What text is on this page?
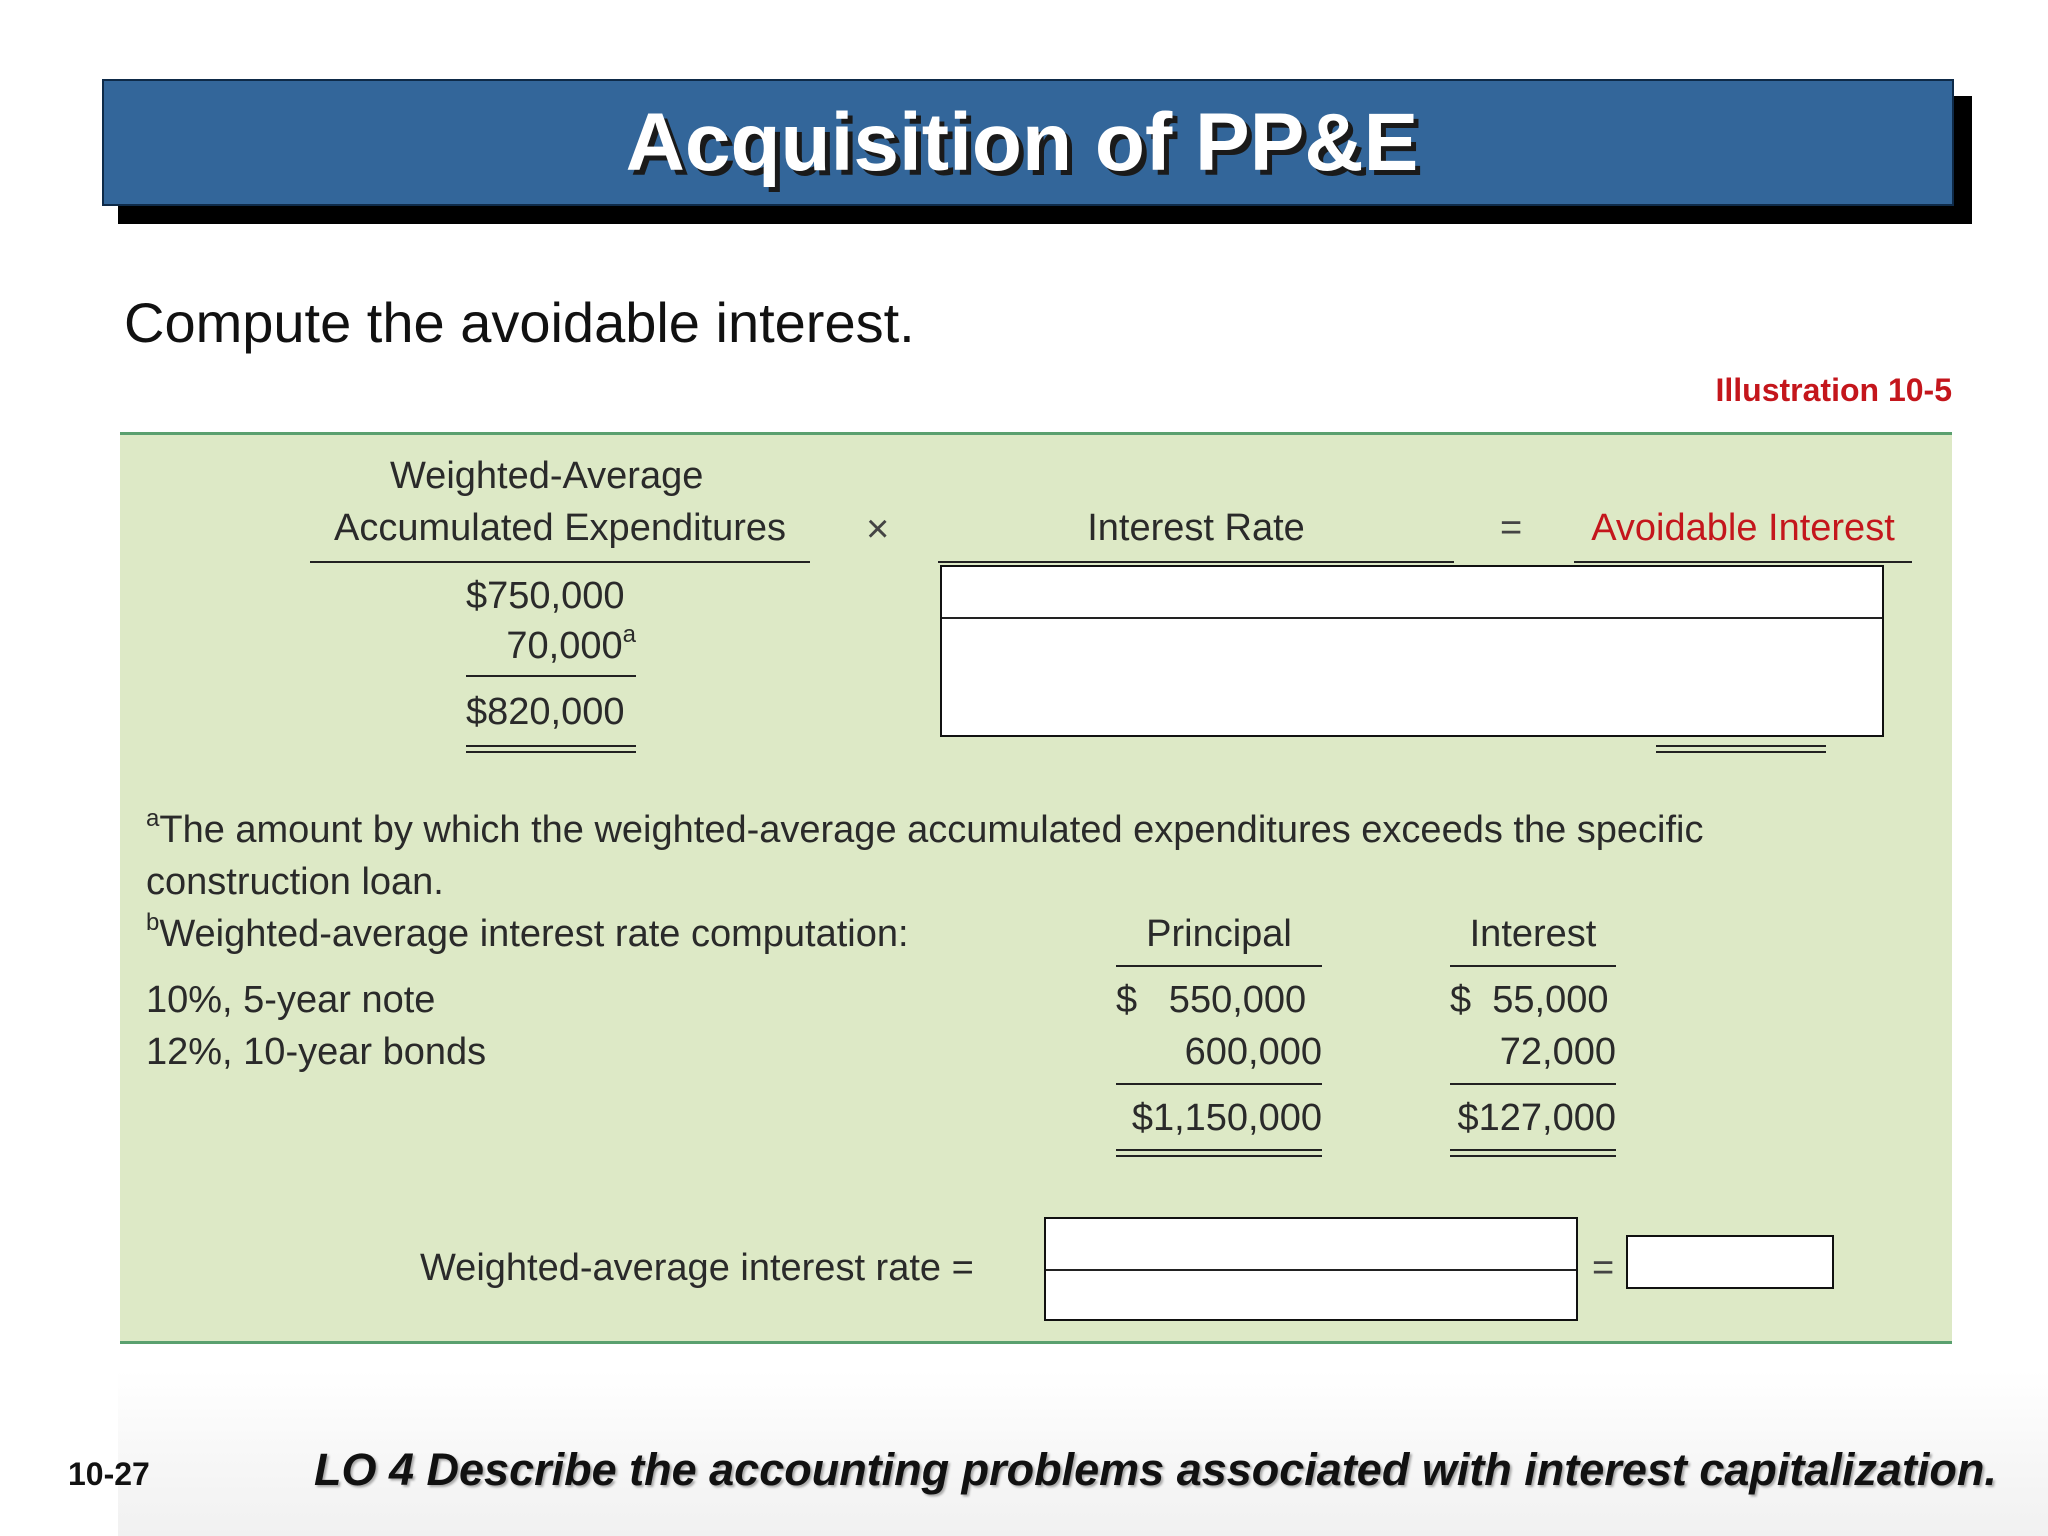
Acquisition of PP&E
Compute the avoidable interest.
Illustration 10-5
Weighted-Average
Accumulated Expenditures	×	Interest Rate	=	Avoidable Interest
$750,000
70,000$^a$
$820,000
$^a$The amount by which the weighted-average accumulated expenditures exceeds the specific
construction loan.
$^b$Weighted-average interest rate computation:	Principal	Interest
10%, 5-year note	$   550,000	$  55,000
12%, 10-year bonds	600,000	72,000
$1,150,000	$127,000
Weighted-average interest rate =	=
10-27	LO 4 Describe the accounting problems associated with interest capitalization.
